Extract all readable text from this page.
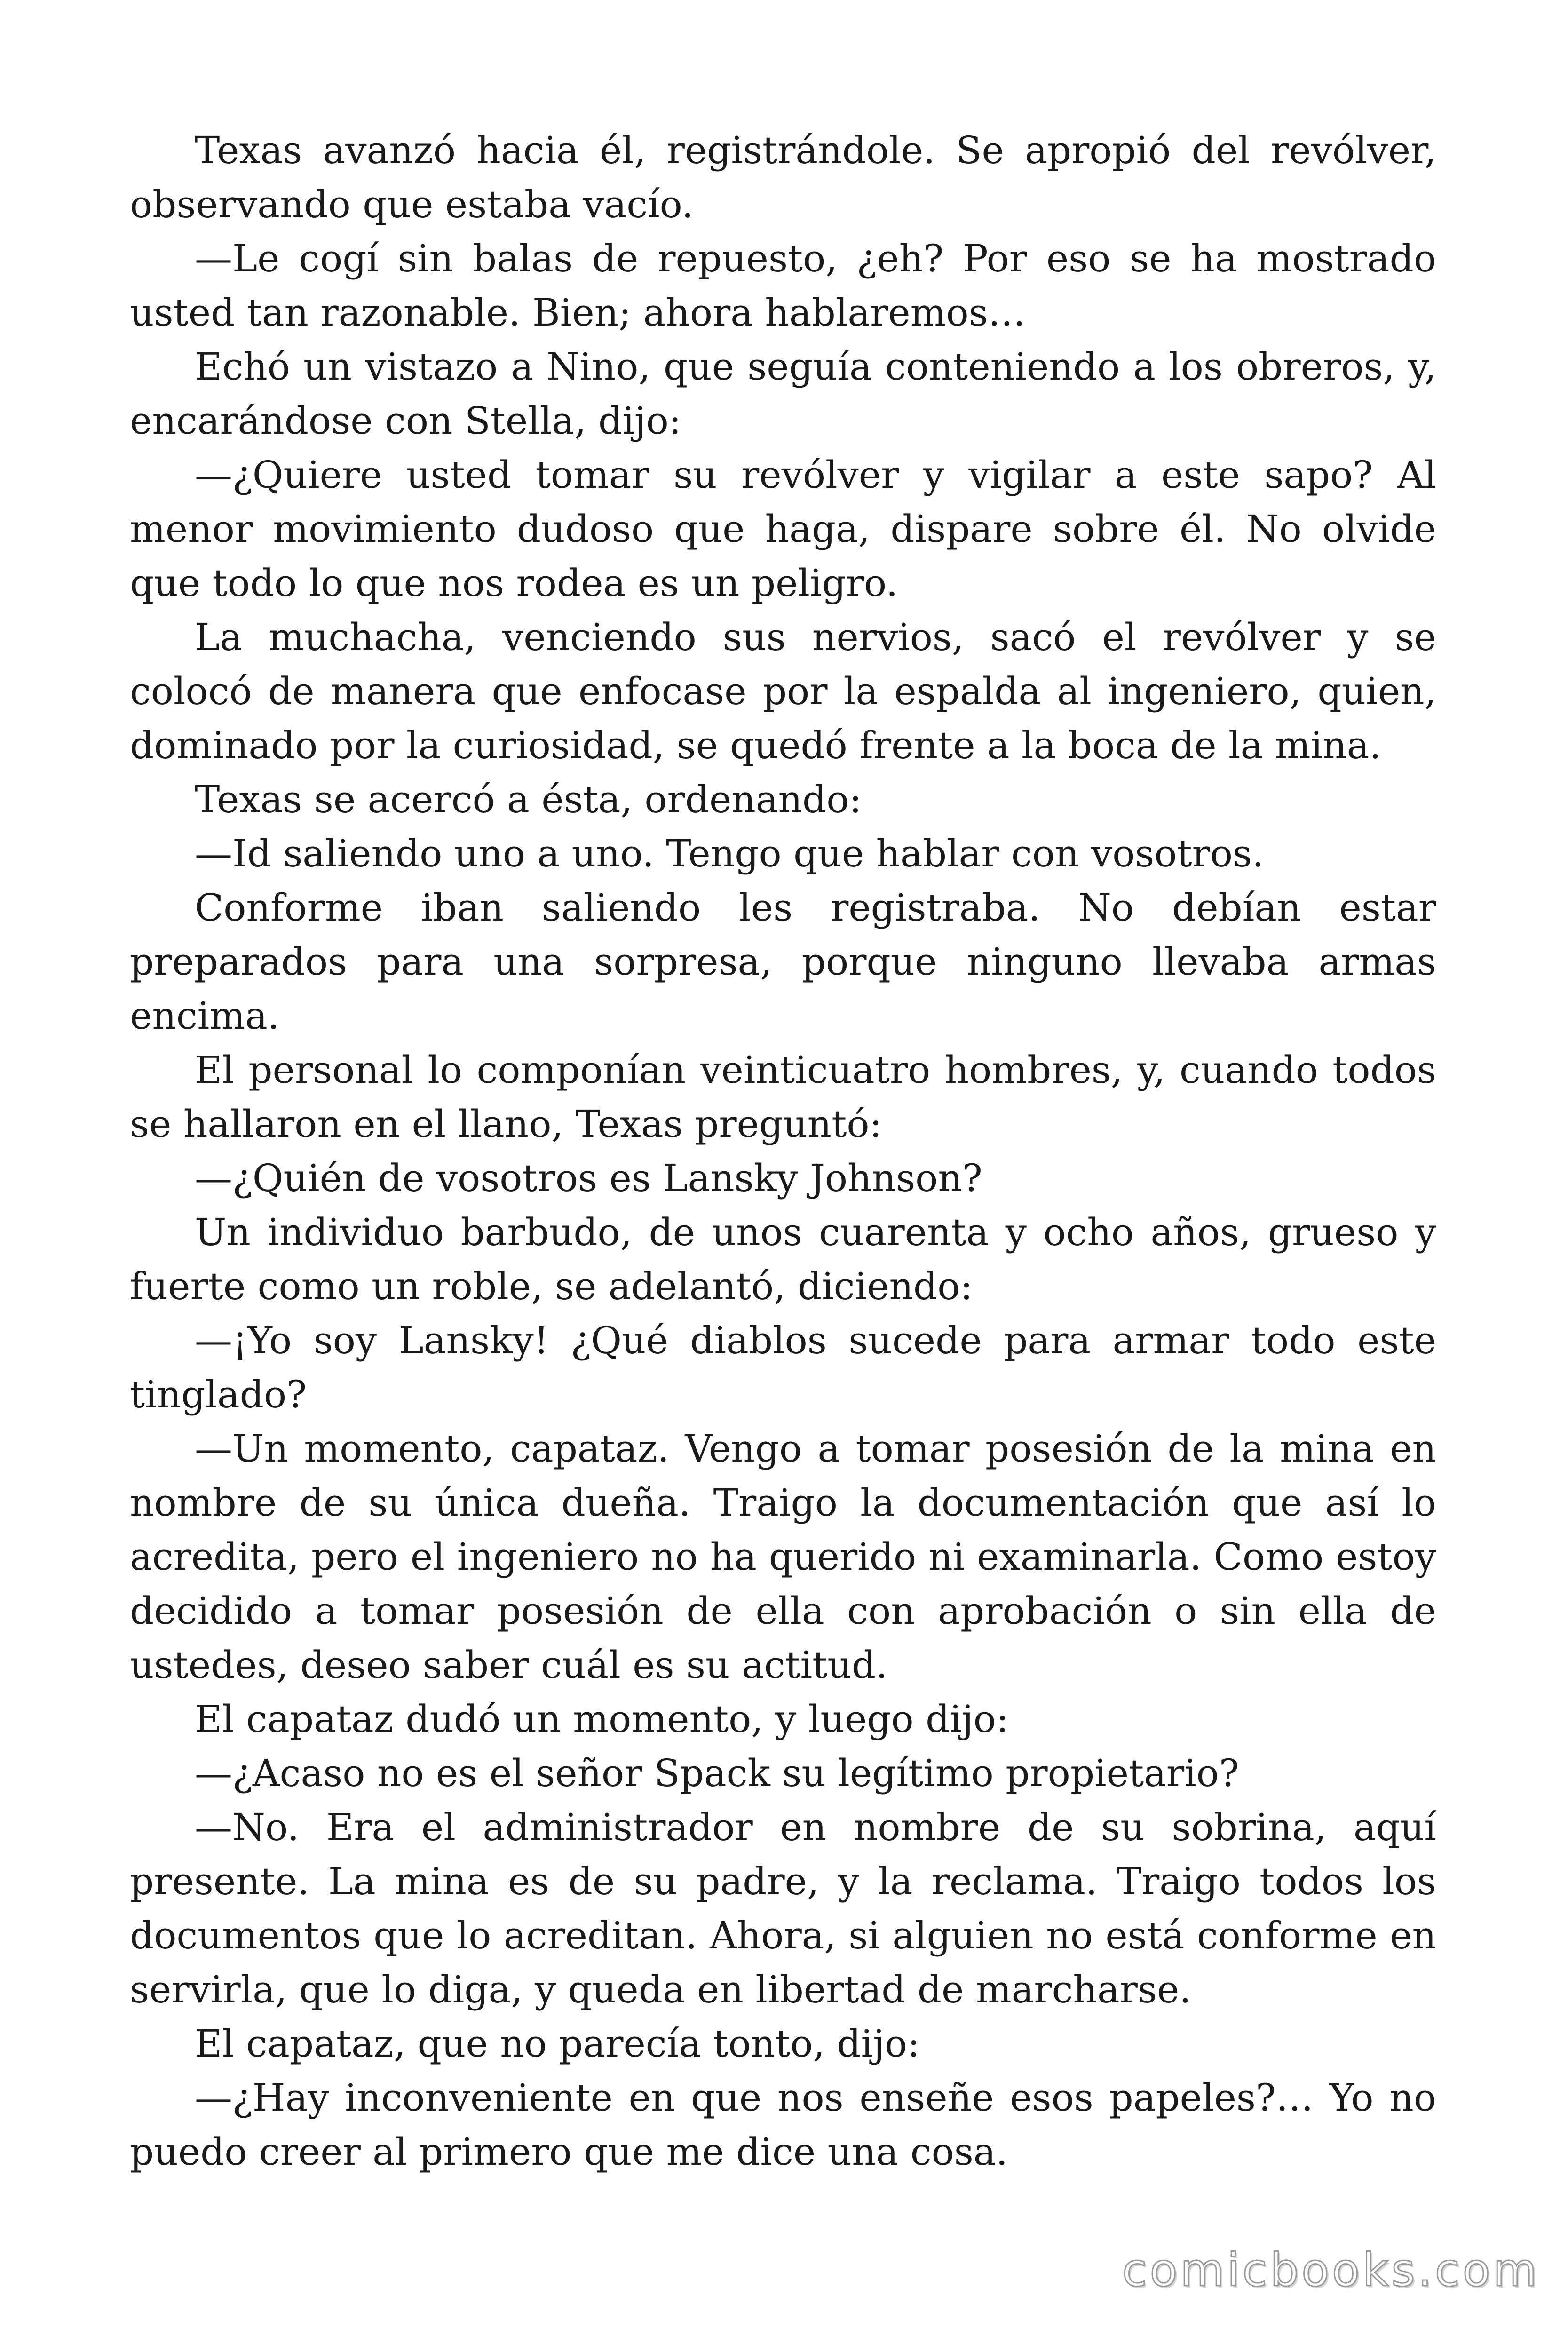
Texas avanzó hacia él, registrándole. Se apropió del revólver, observando que estaba vacío.

—Le cogí sin balas de repuesto, ¿eh? Por eso se ha mostrado usted tan razonable. Bien; ahora hablaremos…

Echó un vistazo a Nino, que seguía conteniendo a los obreros, y, encarándose con Stella, dijo:

—¿Quiere usted tomar su revólver y vigilar a este sapo? Al menor movimiento dudoso que haga, dispare sobre él. No olvide que todo lo que nos rodea es un peligro.

La muchacha, venciendo sus nervios, sacó el revólver y se colocó de manera que enfocase por la espalda al ingeniero, quien, dominado por la curiosidad, se quedó frente a la boca de la mina.

Texas se acercó a ésta, ordenando:

—Id saliendo uno a uno. Tengo que hablar con vosotros.

Conforme iban saliendo les registraba. No debían estar preparados para una sorpresa, porque ninguno llevaba armas encima.

El personal lo componían veinticuatro hombres, y, cuando todos se hallaron en el llano, Texas preguntó:

—¿Quién de vosotros es Lansky Johnson?

Un individuo barbudo, de unos cuarenta y ocho años, grueso y fuerte como un roble, se adelantó, diciendo:

—¡Yo soy Lansky! ¿Qué diablos sucede para armar todo este tinglado?

—Un momento, capataz. Vengo a tomar posesión de la mina en nombre de su única dueña. Traigo la documentación que así lo acredita, pero el ingeniero no ha querido ni examinarla. Como estoy decidido a tomar posesión de ella con aprobación o sin ella de ustedes, deseo saber cuál es su actitud.

El capataz dudó un momento, y luego dijo:

—¿Acaso no es el señor Spack su legítimo propietario?

—No. Era el administrador en nombre de su sobrina, aquí presente. La mina es de su padre, y la reclama. Traigo todos los documentos que lo acreditan. Ahora, si alguien no está conforme en servirla, que lo diga, y queda en libertad de marcharse.

El capataz, que no parecía tonto, dijo:

—¿Hay inconveniente en que nos enseñe esos papeles?… Yo no puedo creer al primero que me dice una cosa.

comicbooks.com
